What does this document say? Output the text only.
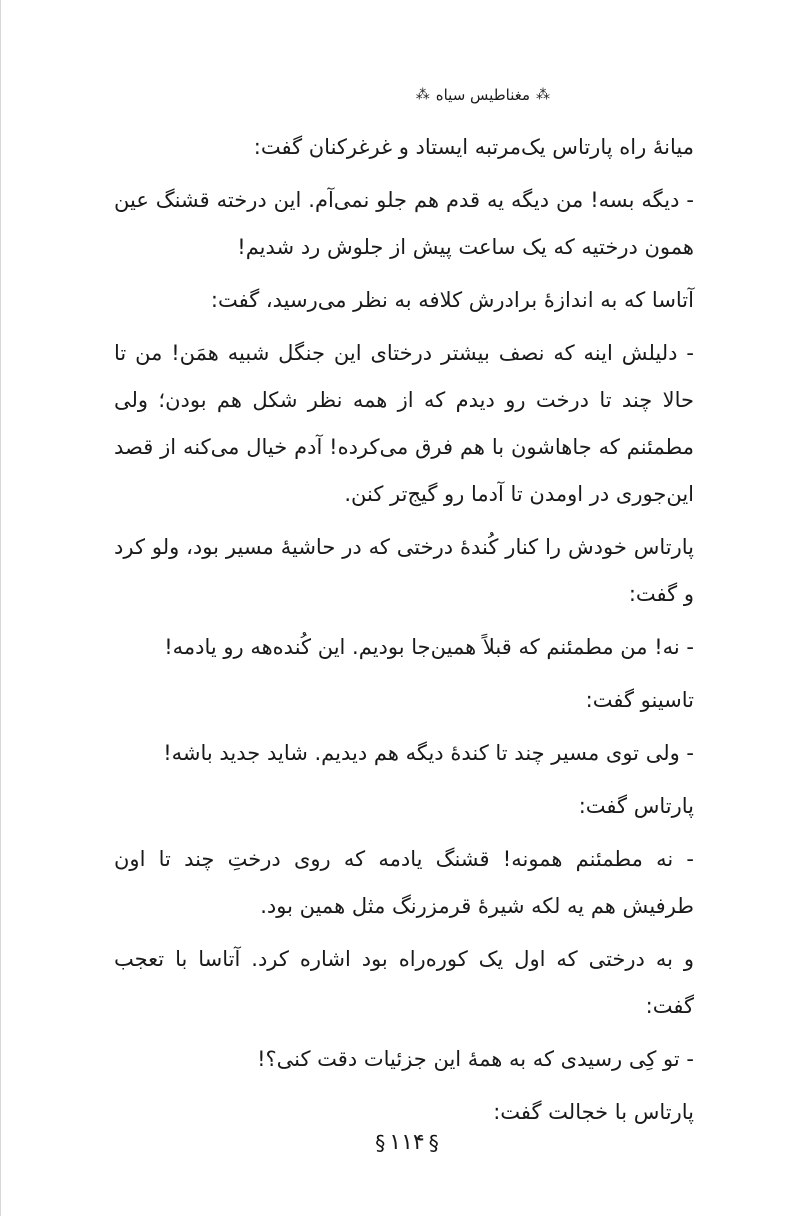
⁂ مغناطیس سیاه ⁂

میانهٔ راه پارتاس یک‌مرتبه ایستاد و غرغرکنان گفت:

- دیگه بسه! من دیگه یه قدم هم جلو نمی‌آم. این درخته قشنگ عین همون درختیه که یک ساعت پیش از جلوش رد شدیم!

آتاسا که به اندازهٔ برادرش کلافه به نظر می‌رسید، گفت:

- دلیلش اینه که نصف بیشتر درختای این جنگل شبیه همَن! من تا حالا چند تا درخت رو دیدم که از همه نظر شکل هم بودن؛ ولی مطمئنم که جاهاشون با هم فرق می‌کرده! آدم خیال می‌کنه از قصد این‌جوری در اومدن تا آدما رو گیج‌تر کنن.

پارتاس خودش را کنار کُندهٔ درختی که در حاشیهٔ مسیر بود، ولو کرد و گفت:

- نه! من مطمئنم که قبلاً همین‌جا بودیم. این کُنده‌هه رو یادمه!

تاسینو گفت:

- ولی توی مسیر چند تا کندهٔ دیگه هم دیدیم. شاید جدید باشه!

پارتاس گفت:

- نه مطمئنم همونه! قشنگ یادمه که روی درختِ چند تا اون طرفیش هم یه لکه شیرهٔ قرمزرنگ مثل همین بود.

و به درختی که اول یک کوره‌راه بود اشاره کرد. آتاسا با تعجب گفت:

- تو کِی رسیدی که به همهٔ این جزئیات دقت کنی؟!

پارتاس با خجالت گفت:

§ ۱۱۴ §
